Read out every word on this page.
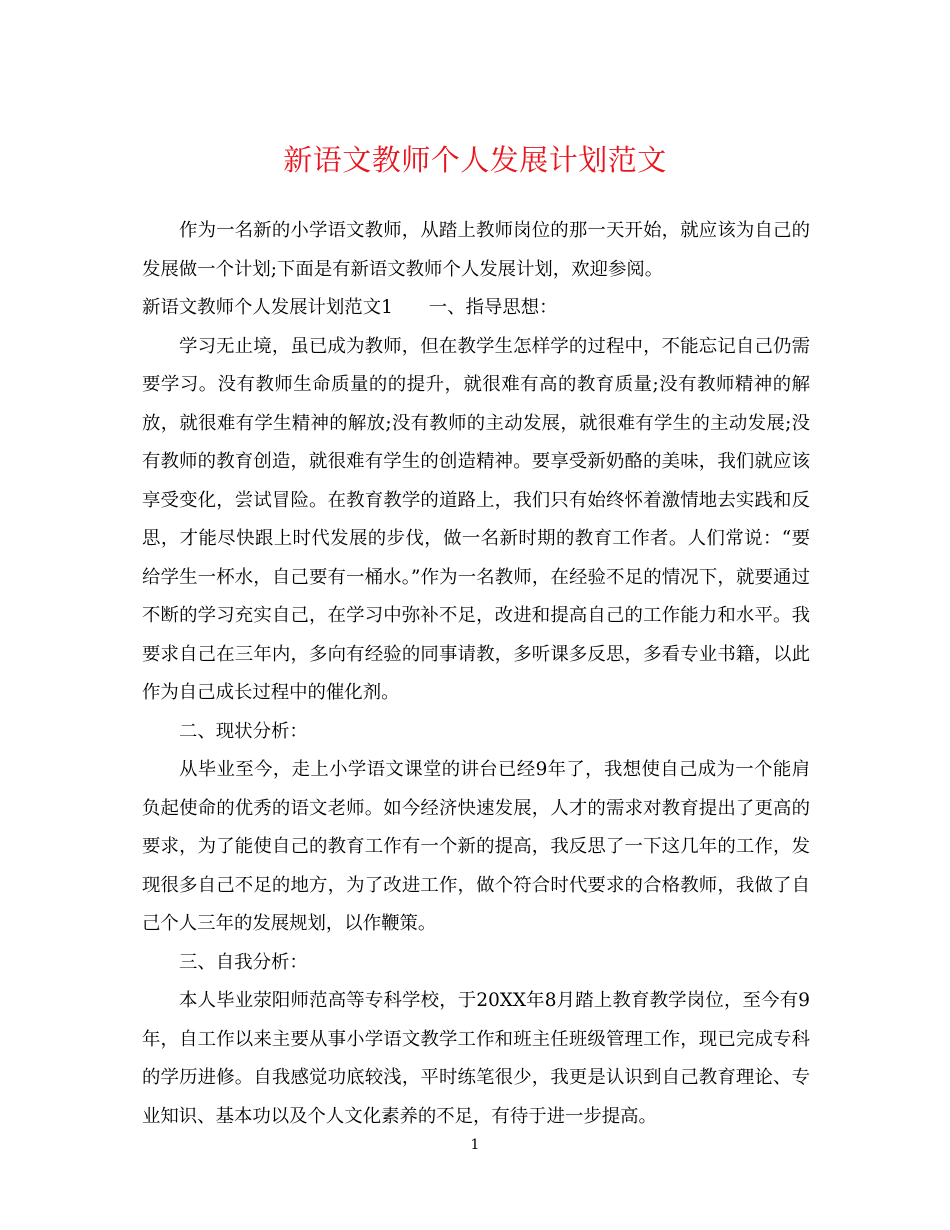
新语文教师个人发展计划范文

作为一名新的小学语文教师，从踏上教师岗位的那一天开始，就应该为自己的发展做一个计划;下面是有新语文教师个人发展计划，欢迎参阅。

新语文教师个人发展计划范文1 一、指导思想：

学习无止境，虽已成为教师，但在教学生怎样学的过程中，不能忘记自己仍需要学习。没有教师生命质量的的提升，就很难有高的教育质量;没有教师精神的解放，就很难有学生精神的解放;没有教师的主动发展，就很难有学生的主动发展;没有教师的教育创造，就很难有学生的创造精神。要享受新奶酪的美味，我们就应该享受变化，尝试冒险。在教育教学的道路上，我们只有始终怀着激情地去实践和反思，才能尽快跟上时代发展的步伐，做一名新时期的教育工作者。人们常说：“要给学生一杯水，自己要有一桶水。”作为一名教师，在经验不足的情况下，就要通过不断的学习充实自己，在学习中弥补不足，改进和提高自己的工作能力和水平。我要求自己在三年内，多向有经验的同事请教，多听课多反思，多看专业书籍，以此作为自己成长过程中的催化剂。

二、现状分析：

从毕业至今，走上小学语文课堂的讲台已经9年了，我想使自己成为一个能肩负起使命的优秀的语文老师。如今经济快速发展，人才的需求对教育提出了更高的要求，为了能使自己的教育工作有一个新的提高，我反思了一下这几年的工作，发现很多自己不足的地方，为了改进工作，做个符合时代要求的合格教师，我做了自己个人三年的发展规划，以作鞭策。

三、自我分析：

本人毕业荥阳师范高等专科学校，于20XX年8月踏上教育教学岗位，至今有9年，自工作以来主要从事小学语文教学工作和班主任班级管理工作，现已完成专科的学历进修。自我感觉功底较浅，平时练笔很少，我更是认识到自己教育理论、专业知识、基本功以及个人文化素养的不足，有待于进一步提高。

1
